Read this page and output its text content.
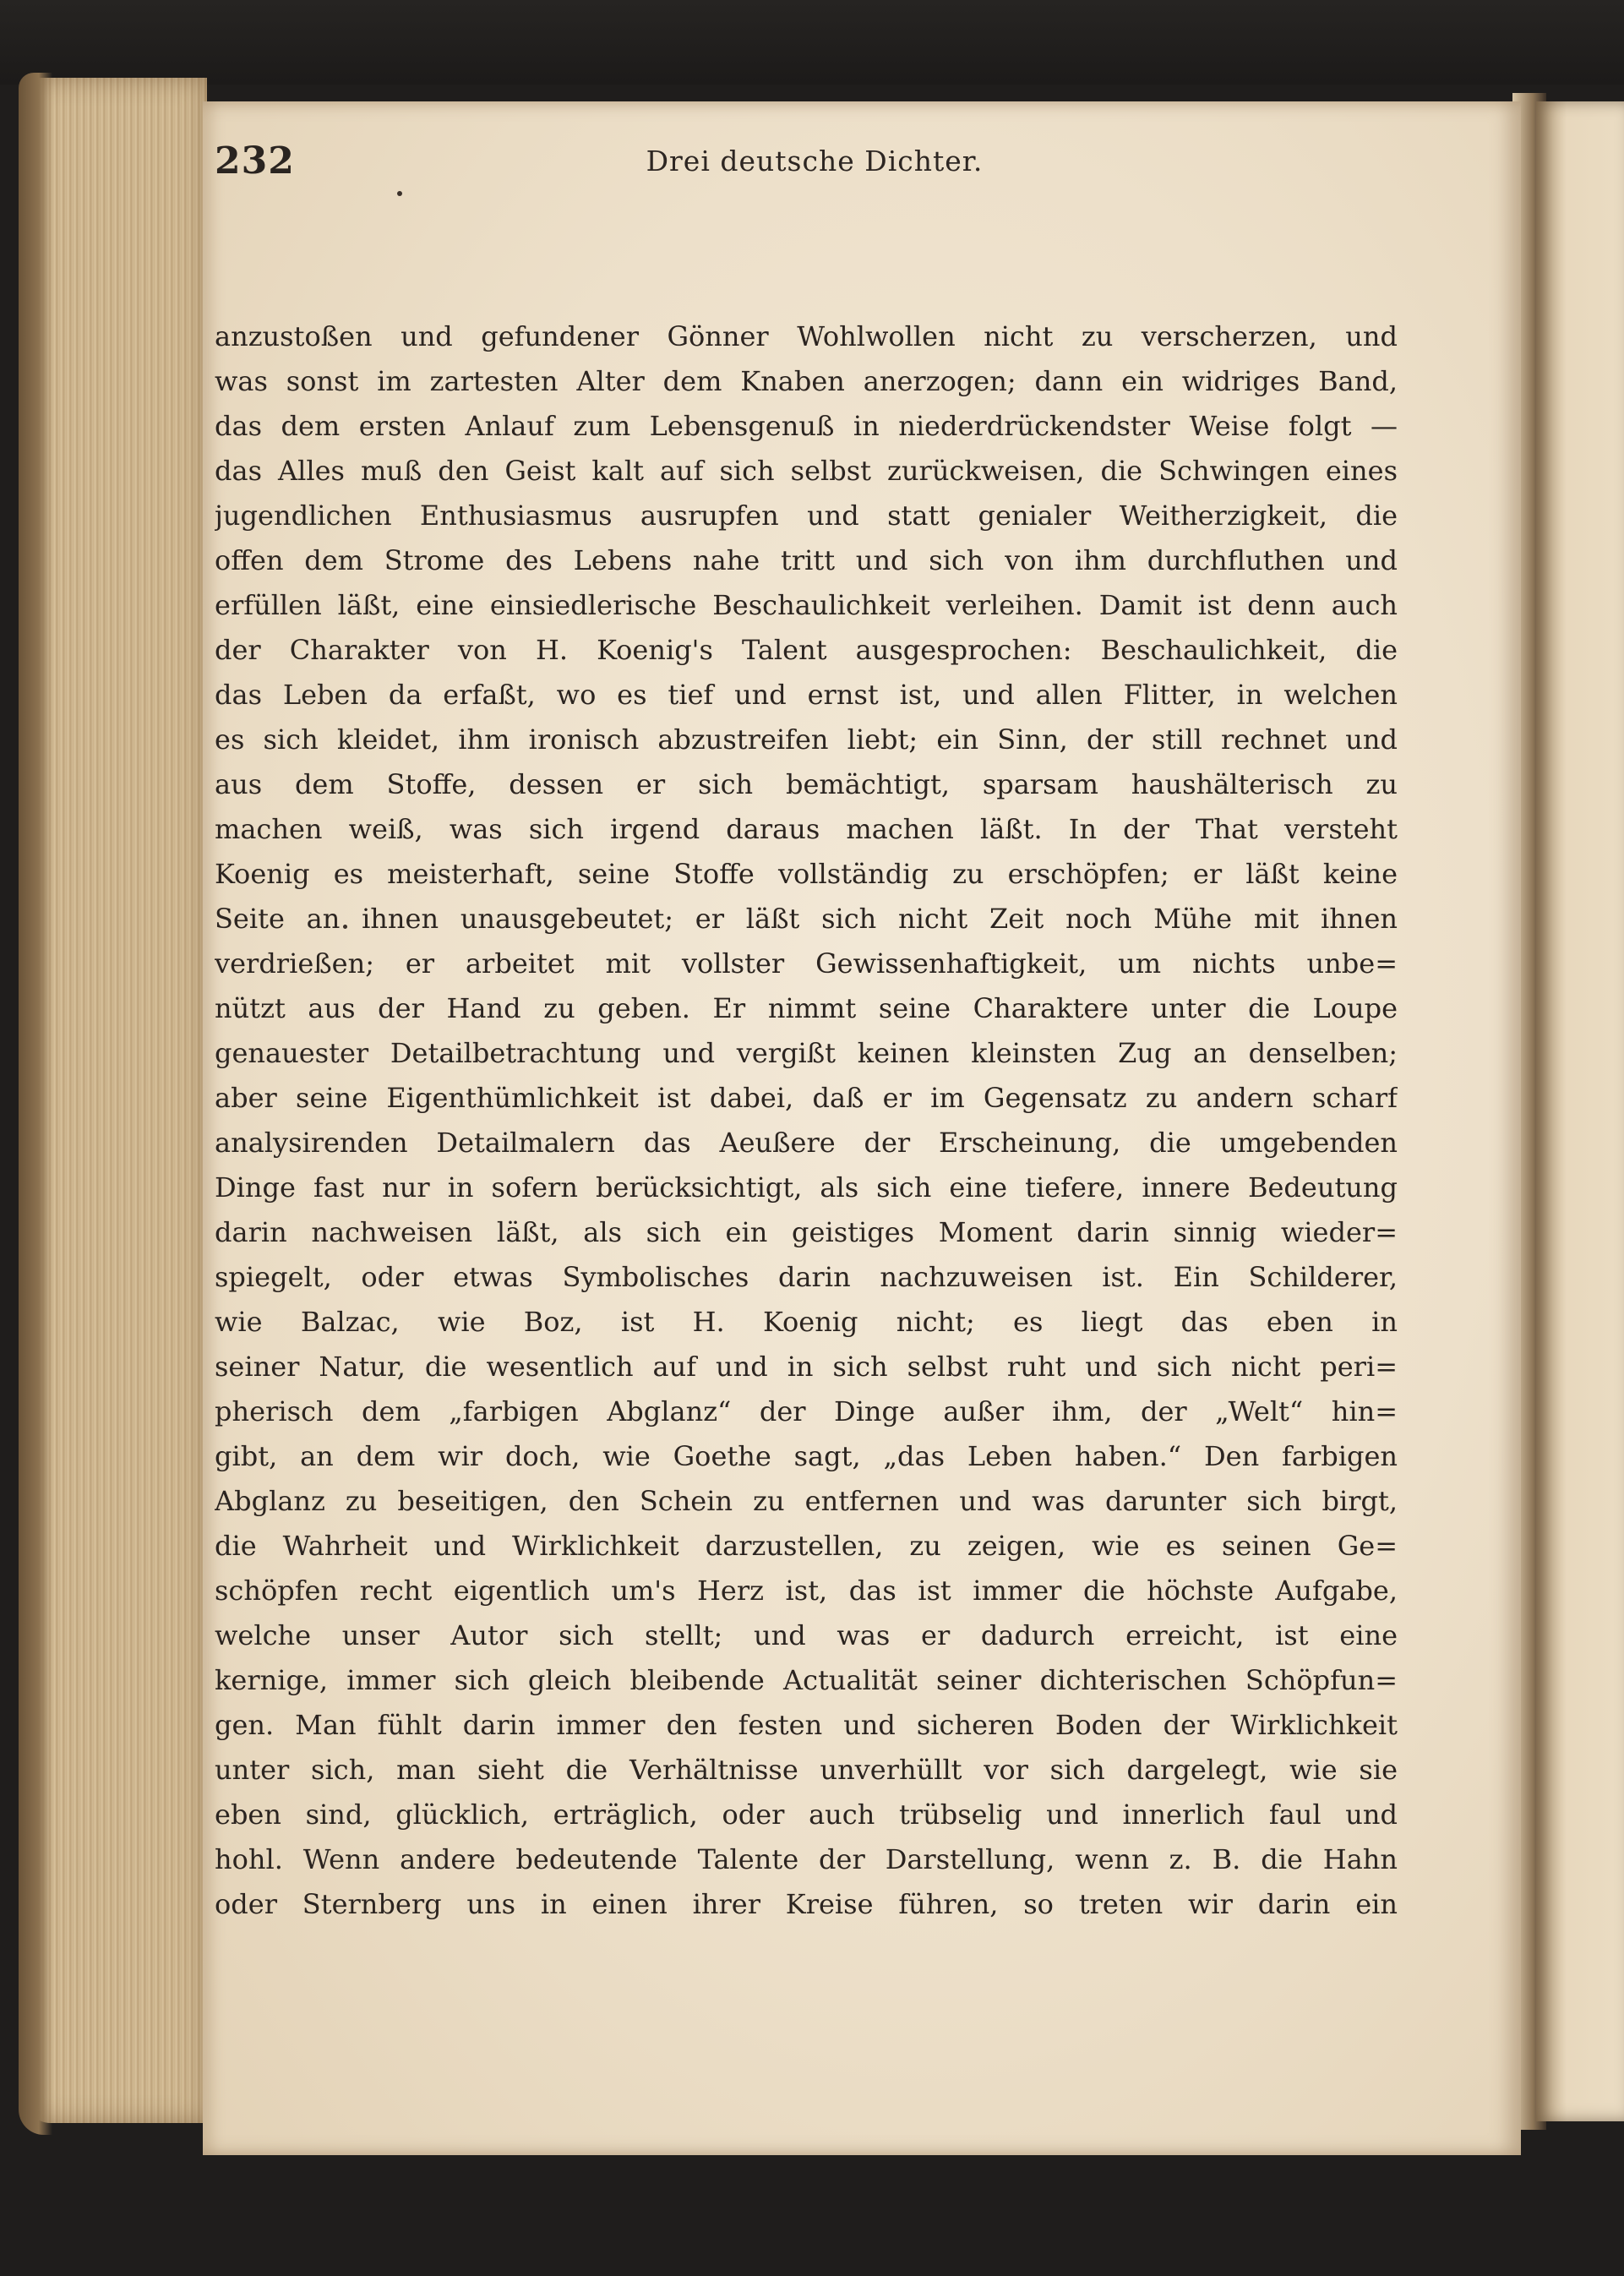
232	Drei deutsche Dichter.
anzustoßen und gefundener Gönner Wohlwollen nicht zu verscherzen, und
was sonst im zartesten Alter dem Knaben anerzogen; dann ein widriges Band,
das dem ersten Anlauf zum Lebensgenuß in niederdrückendster Weise folgt —
das Alles muß den Geist kalt auf sich selbst zurückweisen, die Schwingen eines
jugendlichen Enthusiasmus ausrupfen und statt genialer Weitherzigkeit, die
offen dem Strome des Lebens nahe tritt und sich von ihm durchfluthen und
erfüllen läßt, eine einsiedlerische Beschaulichkeit verleihen. Damit ist denn auch
der Charakter von H. Koenig's Talent ausgesprochen: Beschaulichkeit, die
das Leben da erfaßt, wo es tief und ernst ist, und allen Flitter, in welchen
es sich kleidet, ihm ironisch abzustreifen liebt; ein Sinn, der still rechnet und
aus dem Stoffe, dessen er sich bemächtigt, sparsam haushälterisch zu
machen weiß, was sich irgend daraus machen läßt. In der That versteht
Koenig es meisterhaft, seine Stoffe vollständig zu erschöpfen; er läßt keine
Seite an ihnen unausgebeutet; er läßt sich nicht Zeit noch Mühe mit ihnen
verdrießen; er arbeitet mit vollster Gewissenhaftigkeit, um nichts unbe=
nützt aus der Hand zu geben. Er nimmt seine Charaktere unter die Loupe
genauester Detailbetrachtung und vergißt keinen kleinsten Zug an denselben;
aber seine Eigenthümlichkeit ist dabei, daß er im Gegensatz zu andern scharf
analysirenden Detailmalern das Aeußere der Erscheinung, die umgebenden
Dinge fast nur in sofern berücksichtigt, als sich eine tiefere, innere Bedeutung
darin nachweisen läßt, als sich ein geistiges Moment darin sinnig wieder=
spiegelt, oder etwas Symbolisches darin nachzuweisen ist. Ein Schilderer,
wie Balzac, wie Boz, ist H. Koenig nicht; es liegt das eben in
seiner Natur, die wesentlich auf und in sich selbst ruht und sich nicht peri=
pherisch dem „farbigen Abglanz“ der Dinge außer ihm, der „Welt“ hin=
gibt, an dem wir doch, wie Goethe sagt, „das Leben haben.“ Den farbigen
Abglanz zu beseitigen, den Schein zu entfernen und was darunter sich birgt,
die Wahrheit und Wirklichkeit darzustellen, zu zeigen, wie es seinen Ge=
schöpfen recht eigentlich um's Herz ist, das ist immer die höchste Aufgabe,
welche unser Autor sich stellt; und was er dadurch erreicht, ist eine
kernige, immer sich gleich bleibende Actualität seiner dichterischen Schöpfun=
gen. Man fühlt darin immer den festen und sicheren Boden der Wirklichkeit
unter sich, man sieht die Verhältnisse unverhüllt vor sich dargelegt, wie sie
eben sind, glücklich, erträglich, oder auch trübselig und innerlich faul und
hohl. Wenn andere bedeutende Talente der Darstellung, wenn z. B. die Hahn
oder Sternberg uns in einen ihrer Kreise führen, so treten wir darin ein
